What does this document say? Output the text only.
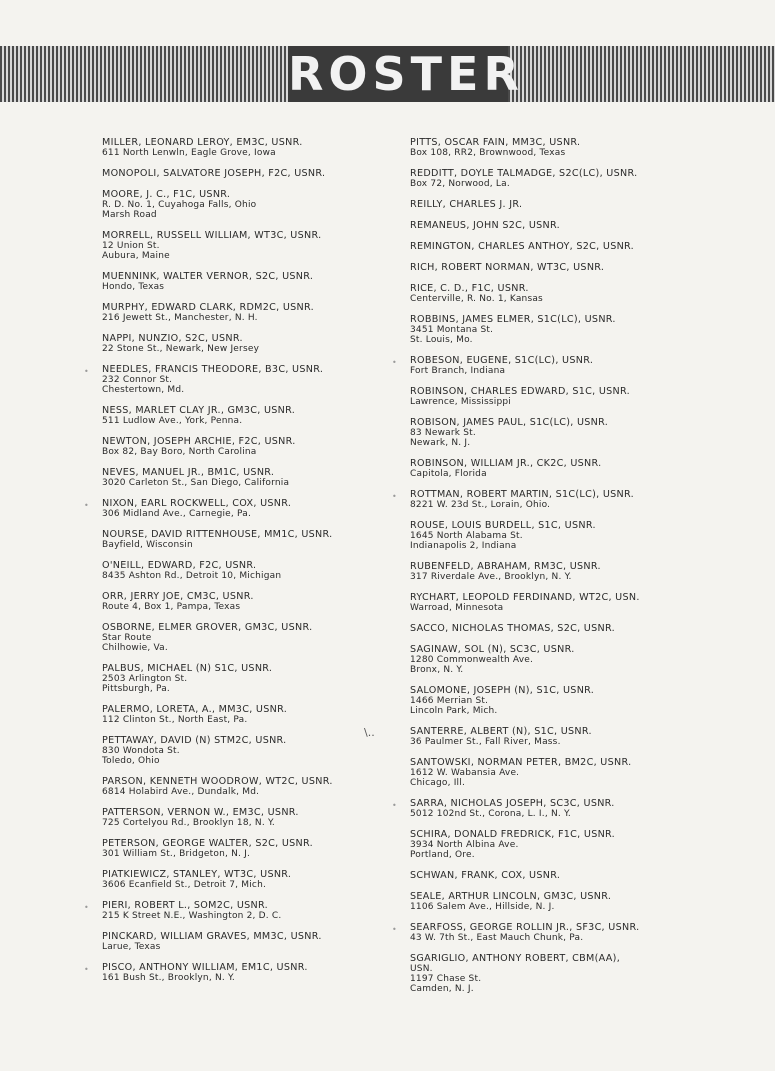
ROSTER
MILLER, LEONARD LEROY, EM3C, USNR.
611 North Lenwln, Eagle Grove, Iowa
MONOPOLI, SALVATORE JOSEPH, F2C, USNR.
MOORE, J. C., F1C, USNR.
R. D. No. 1, Cuyahoga Falls, Ohio
Marsh Road
MORRELL, RUSSELL WILLIAM, WT3C, USNR.
12 Union St.
Aubura, Maine
MUENNINK, WALTER VERNOR, S2C, USNR.
Hondo, Texas
MURPHY, EDWARD CLARK, RDM2C, USNR.
216 Jewett St., Manchester, N. H.
NAPPI, NUNZIO, S2C, USNR.
22 Stone St., Newark, New Jersey
• NEEDLES, FRANCIS THEODORE, B3C, USNR.
232 Connor St.
Chestertown, Md.
NESS, MARLET CLAY JR., GM3C, USNR.
511 Ludlow Ave., York, Penna.
NEWTON, JOSEPH ARCHIE, F2C, USNR.
Box 82, Bay Boro, North Carolina
NEVES, MANUEL JR., BM1C, USNR.
3020 Carleton St., San Diego, California
• NIXON, EARL ROCKWELL, COX, USNR.
306 Midland Ave., Carnegie, Pa.
NOURSE, DAVID RITTENHOUSE, MM1C, USNR.
Bayfield, Wisconsin
O'NEILL, EDWARD, F2C, USNR.
8435 Ashton Rd., Detroit 10, Michigan
ORR, JERRY JOE, CM3C, USNR.
Route 4, Box 1, Pampa, Texas
OSBORNE, ELMER GROVER, GM3C, USNR.
Star Route
Chilhowie, Va.
PALBUS, MICHAEL (N) S1C, USNR.
2503 Arlington St.
Pittsburgh, Pa.
PALERMO, LORETA, A., MM3C, USNR.
112 Clinton St., North East, Pa.
PETTAWAY, DAVID (N) STM2C, USNR.
830 Wondota St.
Toledo, Ohio
PARSON, KENNETH WOODROW, WT2C, USNR.
6814 Holabird Ave., Dundalk, Md.
PATTERSON, VERNON W., EM3C, USNR.
725 Cortelyou Rd., Brooklyn 18, N. Y.
PETERSON, GEORGE WALTER, S2C, USNR.
301 William St., Bridgeton, N. J.
PIATKIEWICZ, STANLEY, WT3C, USNR.
3606 Ecanfield St., Detroit 7, Mich.
• PIERI, ROBERT L., SOM2C, USNR.
215 K Street N.E., Washington 2, D. C.
PINCKARD, WILLIAM GRAVES, MM3C, USNR.
Larue, Texas
• PISCO, ANTHONY WILLIAM, EM1C, USNR.
161 Bush St., Brooklyn, N. Y.
PITTS, OSCAR FAIN, MM3C, USNR.
Box 108, RR2, Brownwood, Texas
REDDITT, DOYLE TALMADGE, S2C(LC), USNR.
Box 72, Norwood, La.
REILLY, CHARLES J. JR.
REMANEUS, JOHN S2C, USNR.
REMINGTON, CHARLES ANTHOY, S2C, USNR.
RICH, ROBERT NORMAN, WT3C, USNR.
RICE, C. D., F1C, USNR.
Centerville, R. No. 1, Kansas
ROBBINS, JAMES ELMER, S1C(LC), USNR.
3451 Montana St.
St. Louis, Mo.
• ROBESON, EUGENE, S1C(LC), USNR.
Fort Branch, Indiana
ROBINSON, CHARLES EDWARD, S1C, USNR.
Lawrence, Mississippi
ROBISON, JAMES PAUL, S1C(LC), USNR.
83 Newark St.
Newark, N. J.
ROBINSON, WILLIAM JR., CK2C, USNR.
Capitola, Florida
• ROTTMAN, ROBERT MARTIN, S1C(LC), USNR.
8221 W. 23d St., Lorain, Ohio.
ROUSE, LOUIS BURDELL, S1C, USNR.
1645 North Alabama St.
Indianapolis 2, Indiana
RUBENFELD, ABRAHAM, RM3C, USNR.
317 Riverdale Ave., Brooklyn, N. Y.
RYCHART, LEOPOLD FERDINAND, WT2C, USN.
Warroad, Minnesota
SACCO, NICHOLAS THOMAS, S2C, USNR.
SAGINAW, SOL (N), SC3C, USNR.
1280 Commonwealth Ave.
Bronx, N. Y.
SALOMONE, JOSEPH (N), S1C, USNR.
1466 Merrian St.
Lincoln Park, Mich.
\..	SANTERRE, ALBERT (N), S1C, USNR.
36 Paulmer St., Fall River, Mass.
SANTOWSKI, NORMAN PETER, BM2C, USNR.
1612 W. Wabansia Ave.
Chicago, Ill.
• SARRA, NICHOLAS JOSEPH, SC3C, USNR.
5012 102nd St., Corona, L. I., N. Y.
SCHIRA, DONALD FREDRICK, F1C, USNR.
3934 North Albina Ave.
Portland, Ore.
SCHWAN, FRANK, COX, USNR.
SEALE, ARTHUR LINCOLN, GM3C, USNR.
1106 Salem Ave., Hillside, N. J.
• SEARFOSS, GEORGE ROLLIN JR., SF3C, USNR.
43 W. 7th St., East Mauch Chunk, Pa.
SGARIGLIO, ANTHONY ROBERT, CBM(AA),
USN.
1197 Chase St.
Camden, N. J.
